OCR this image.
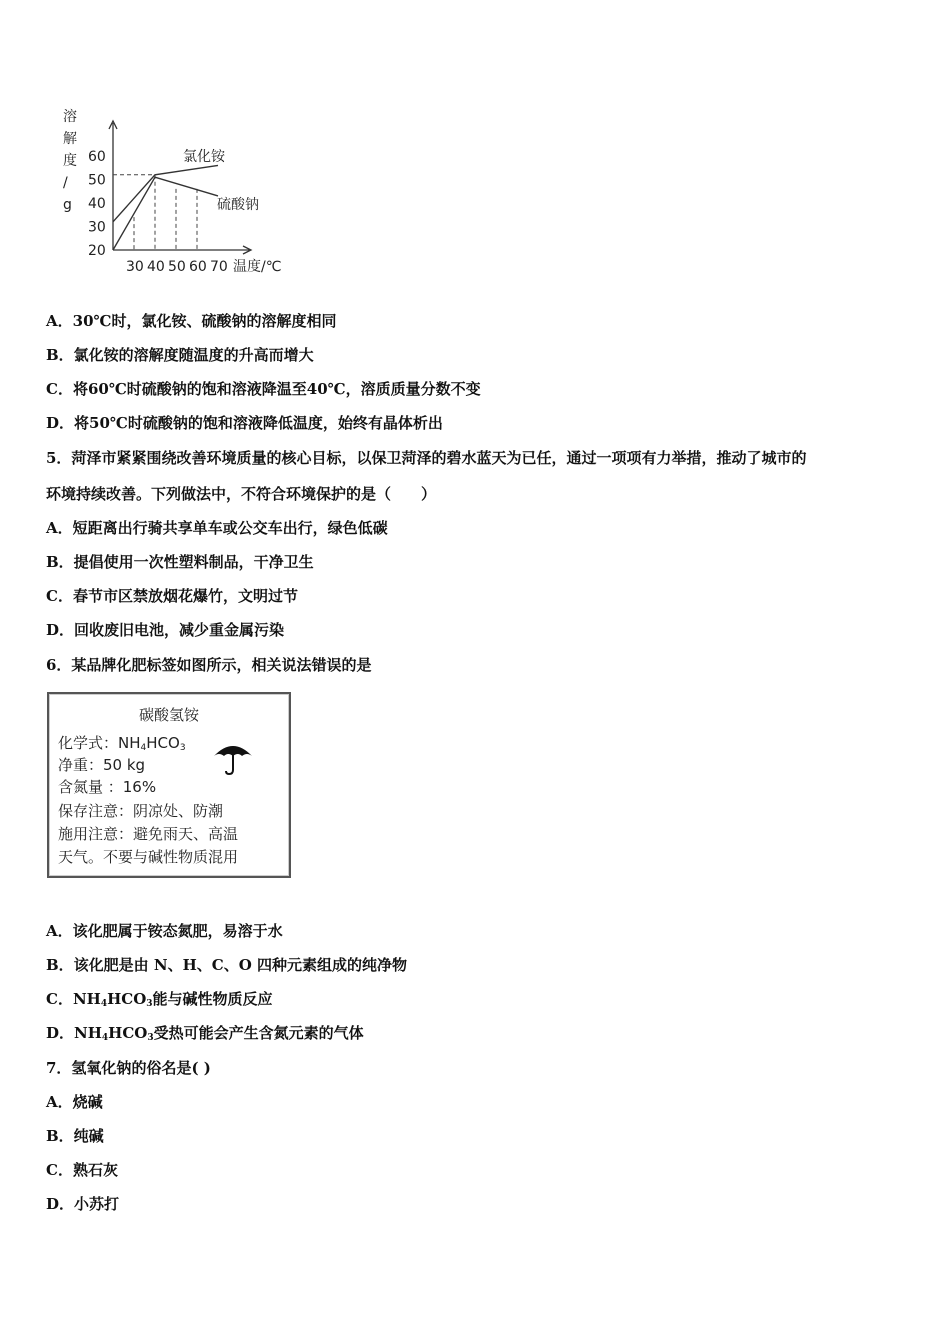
溶
解
度
/
g
60
50
40
30
20
30 40 50 60 70
氯化铵
硫酸钠
温度/℃
A．30℃时，氯化铵、硫酸钠的溶解度相同
B．氯化铵的溶解度随温度的升高而增大
C．将60℃时硫酸钠的饱和溶液降温至40℃，溶质质量分数不变
D．将50℃时硫酸钠的饱和溶液降低温度，始终有晶体析出
5．菏泽市紧紧围绕改善环境质量的核心目标，以保卫菏泽的碧水蓝天为已任，通过一项项有力举措，推动了城市的
环境持续改善。下列做法中，不符合环境保护的是（　　）
A．短距离出行骑共享单车或公交车出行，绿色低碳
B．提倡使用一次性塑料制品，干净卫生
C．春节市区禁放烟花爆竹，文明过节
D．回收废旧电池，减少重金属污染
6．某品牌化肥标签如图所示，相关说法错误的是
碳酸氢铵
化学式：$NH_4HCO_3$
净重：50 kg
含氮量 ：16%
保存注意：阴凉处、防潮
施用注意：避免雨天、高温
天气。不要与碱性物质混用
A．该化肥属于铵态氮肥，易溶于水
B．该化肥是由 N、H、C、O 四种元素组成的纯净物
C．$NH_4HCO_3$能与碱性物质反应
D．$NH_4HCO_3$受热可能会产生含氮元素的气体
7．氢氧化钠的俗名是( )
A．烧碱
B．纯碱
C．熟石灰
D．小苏打
